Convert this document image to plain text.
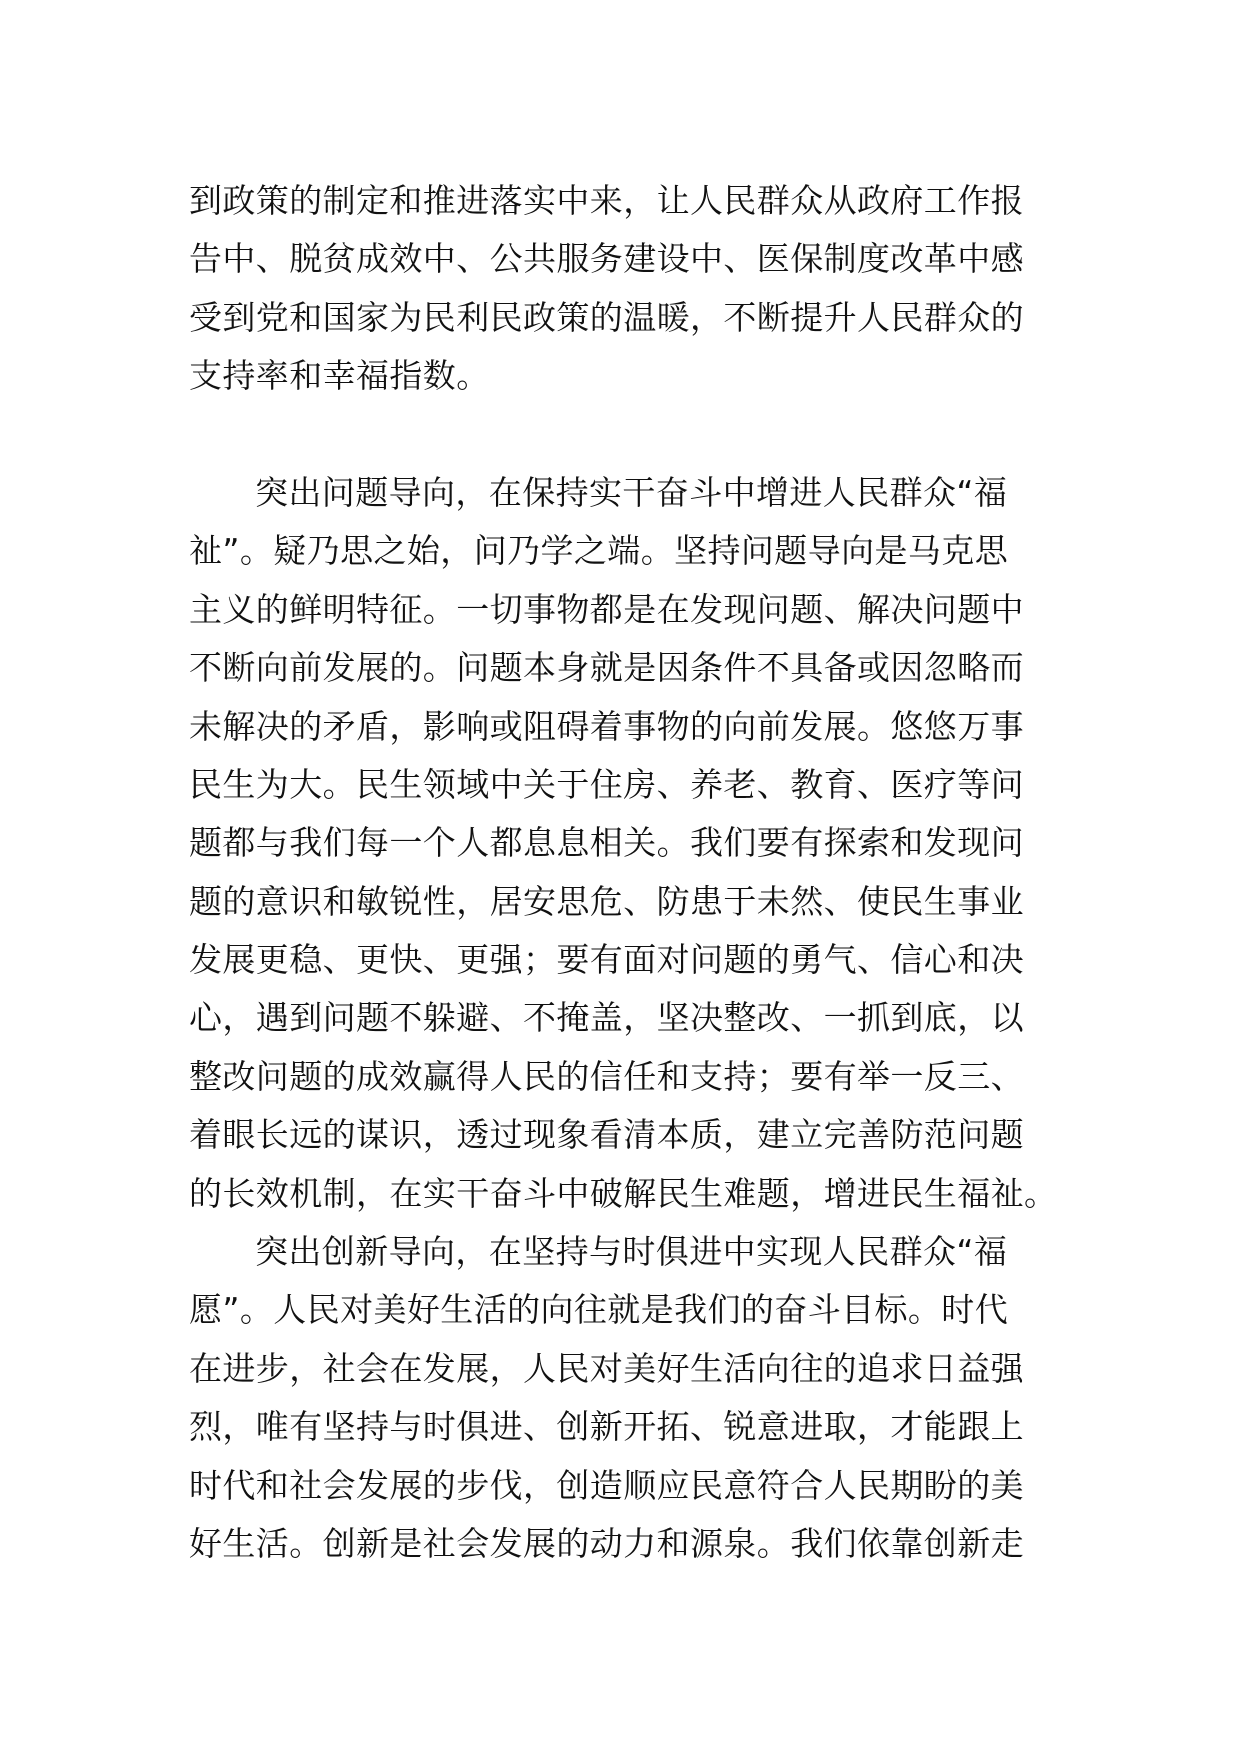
到政策的制定和推进落实中来，让人民群众从政府工作报
告中、脱贫成效中、公共服务建设中、医保制度改革中感
受到党和国家为民利民政策的温暖，不断提升人民群众的
支持率和幸福指数。
突出问题导向，在保持实干奋斗中增进人民群众“福
祉”。疑乃思之始，问乃学之端。坚持问题导向是马克思
主义的鲜明特征。一切事物都是在发现问题、解决问题中
不断向前发展的。问题本身就是因条件不具备或因忽略而
未解决的矛盾，影响或阻碍着事物的向前发展。悠悠万事
民生为大。民生领域中关于住房、养老、教育、医疗等问
题都与我们每一个人都息息相关。我们要有探索和发现问
题的意识和敏锐性，居安思危、防患于未然、使民生事业
发展更稳、更快、更强；要有面对问题的勇气、信心和决
心，遇到问题不躲避、不掩盖，坚决整改、一抓到底，以
整改问题的成效赢得人民的信任和支持；要有举一反三、
着眼长远的谋识，透过现象看清本质，建立完善防范问题
的长效机制，在实干奋斗中破解民生难题，增进民生福祉。
突出创新导向，在坚持与时俱进中实现人民群众“福
愿”。人民对美好生活的向往就是我们的奋斗目标。时代
在进步，社会在发展，人民对美好生活向往的追求日益强
烈，唯有坚持与时俱进、创新开拓、锐意进取，才能跟上
时代和社会发展的步伐，创造顺应民意符合人民期盼的美
好生活。创新是社会发展的动力和源泉。我们依靠创新走
